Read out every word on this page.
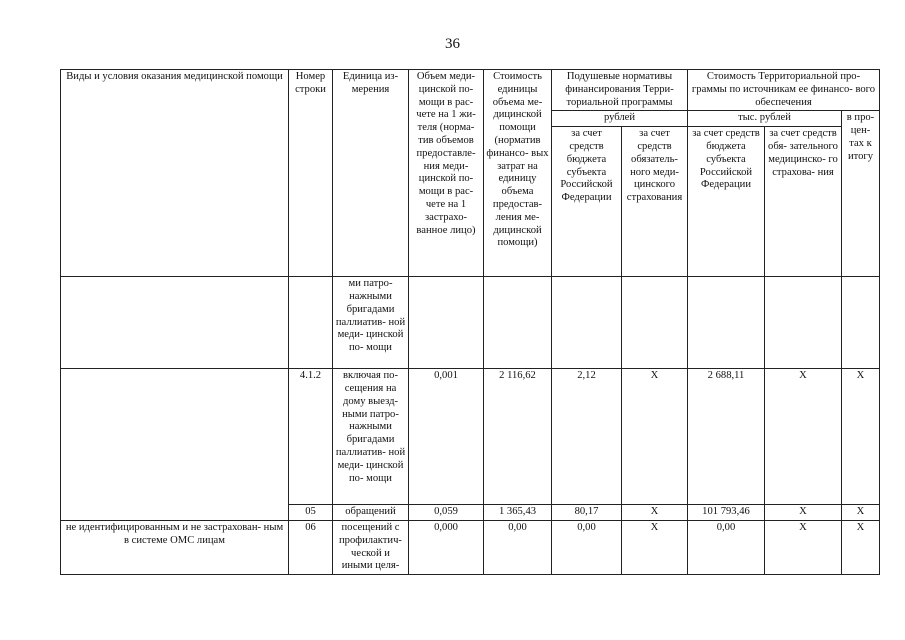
36
Виды и условия оказания медицинской помощи	Номер строки	Единица из- мерения	Объем меди- цинской по- мощи в рас- чете на 1 жи- теля (норма- тив объемов предоставле- ния меди- цинской по- мощи в рас- чете на 1 застрахо- ванное лицо)	Стоимость единицы объема ме- дицинской помощи (норматив финансо- вых затрат на единицу объема предостав- ления ме- дицинской помощи)	Подушевые нормативы финансирования Терри- ториальной программы		Стоимость Территориальной про- граммы по источникам ее финансо- вого обеспечения		
					рублей		тыс. рублей		в про- цен- тах к итогу
					за счет средств бюджета субъекта Российской Федерации	за счет средств обязатель- ного меди- цинского страхования	за счет средств бюджета субъекта Российской Федерации	за счет средств обя- зательного медицинско- го страхова- ния	
		ми патро- нажными бригадами паллиатив- ной меди- цинской по- мощи							
	4.1.2	включая по- сещения на дому выезд- ными патро- нажными бригадами паллиатив- ной меди- цинской по- мощи	0,001	2 116,62	2,12	Х	2 688,11	Х	Х
	05	обращений	0,059	1 365,43	80,17	Х	101 793,46	Х	Х
не идентифицированным и не застрахован- ным в системе ОМС лицам	06	посещений с профилактич- ческой и иными целя-	0,000	0,00	0,00	Х	0,00	Х	Х
